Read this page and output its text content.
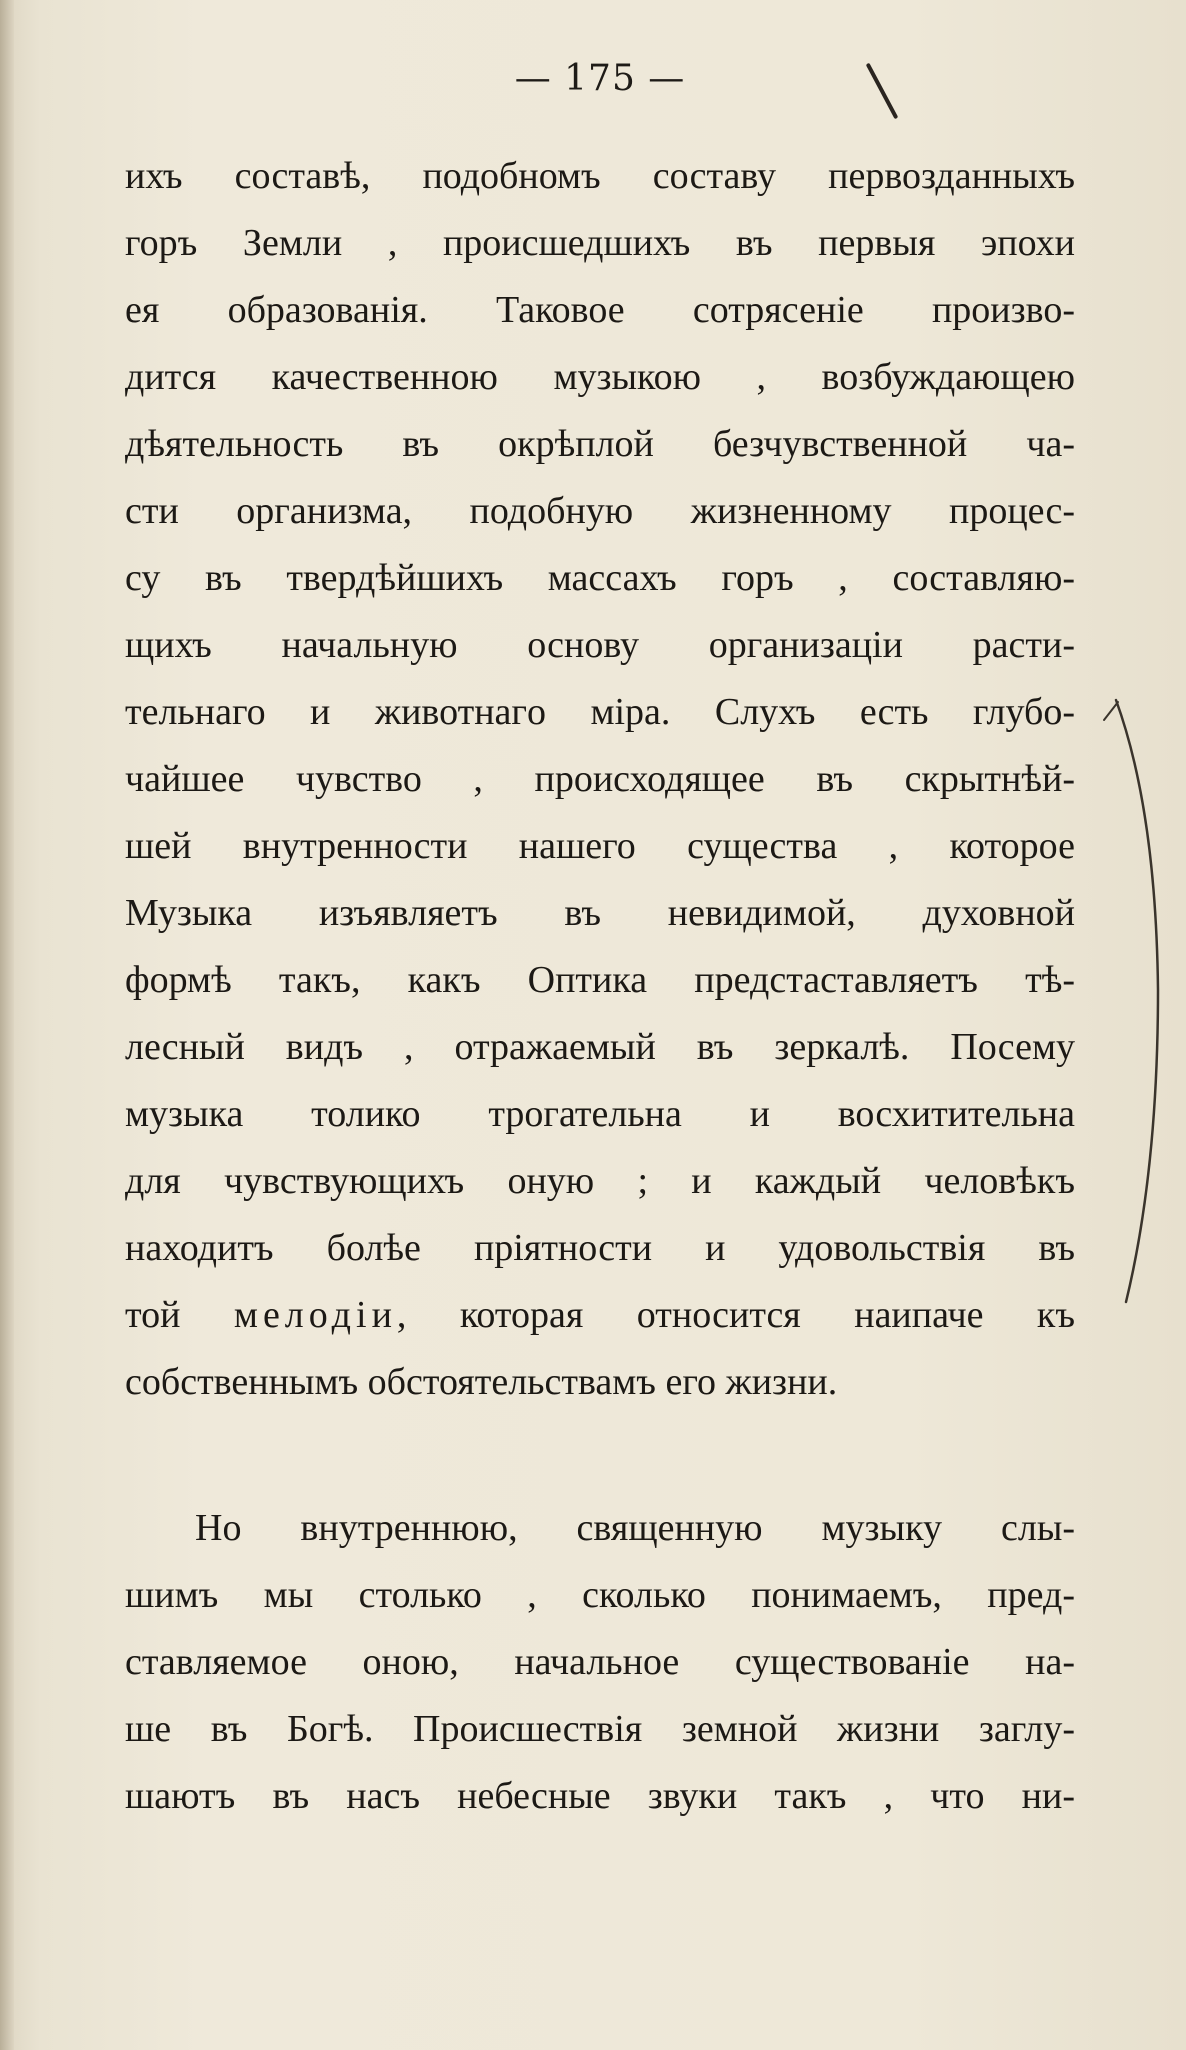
— 175 —
ихъ составѣ, подобномъ составу первозданныхъ
горъ Земли , происшедшихъ въ первыя эпохи
ея образованія. Таковое сотрясеніе произво-
дится качественною музыкою , возбуждающею
дѣятельность въ окрѣплой безчувственной ча-
сти организма, подобную жизненному процес-
су въ твердѣйшихъ массахъ горъ , составляю-
щихъ начальную основу организаціи расти-
тельнаго и животнагo міра. Слухъ есть глубо-
чайшее чувство , происходящее въ скрытнѣй-
шей внутренности нашего существа , которое
Музыка изъявляетъ въ невидимой, духовной
формѣ такъ, какъ Оптика предстаставляетъ тѣ-
лесный видъ , отражаемый въ зеркалѣ. Посему
музыка толико трогательна и восхитительна
для чувствующихъ оную ; и каждый человѣкъ
находитъ болѣе пріятности и удовольствія въ
той мелодіи, которая относится наипаче къ
собственнымъ обстоятельствамъ его жизни.
Но внутреннюю, священную музыку слы-
шимъ мы столько , сколько понимаемъ, пред-
ставляемое оною, начальное существованіе на-
ше въ Богѣ. Происшествія земной жизни заглу-
шаютъ въ насъ небесные звуки такъ , что ни-
